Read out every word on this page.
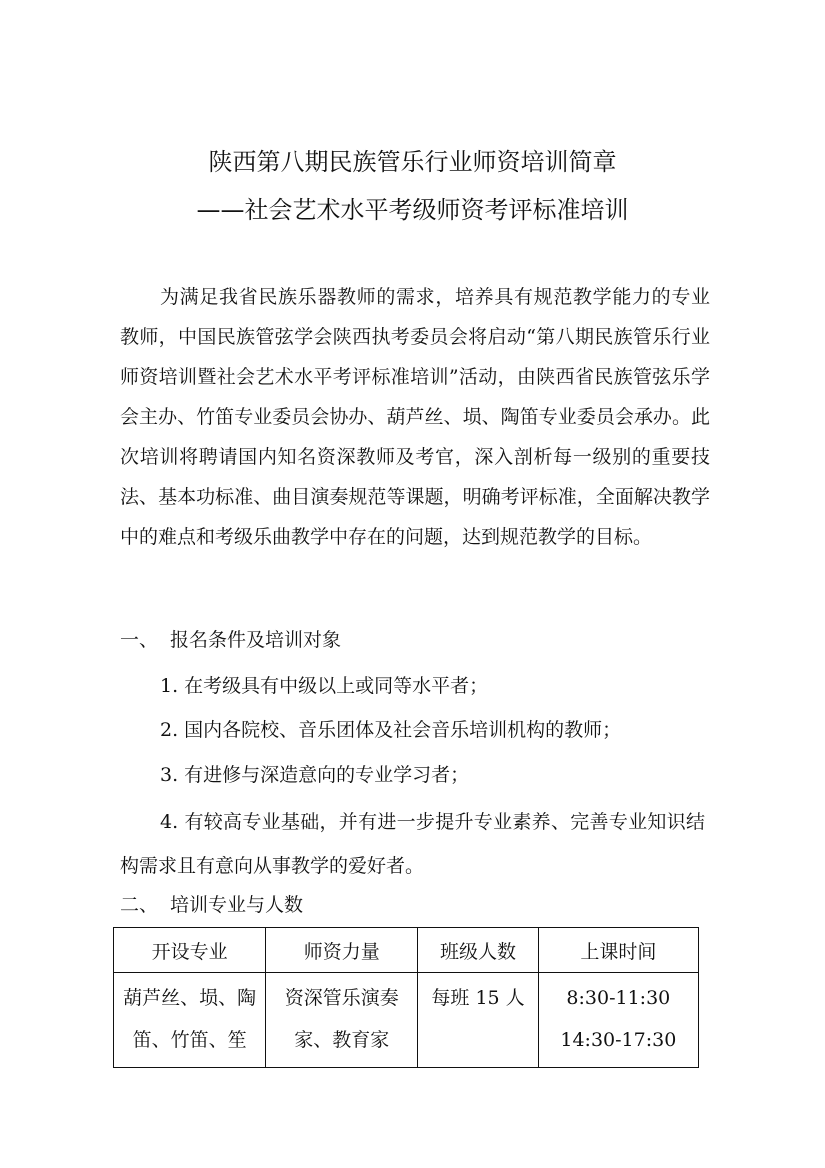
陕西第八期民族管乐行业师资培训简章
——社会艺术水平考级师资考评标准培训

为满足我省民族乐器教师的需求，培养具有规范教学能力的专业教师，中国民族管弦学会陕西执考委员会将启动“第八期民族管乐行业师资培训暨社会艺术水平考评标准培训”活动，由陕西省民族管弦乐学会主办、竹笛专业委员会协办、葫芦丝、埙、陶笛专业委员会承办。此次培训将聘请国内知名资深教师及考官，深入剖析每一级别的重要技法、基本功标准、曲目演奏规范等课题，明确考评标准，全面解决教学中的难点和考级乐曲教学中存在的问题，达到规范教学的目标。

一、 报名条件及培训对象

1. 在考级具有中级以上或同等水平者；

2. 国内各院校、音乐团体及社会音乐培训机构的教师；

3. 有进修与深造意向的专业学习者；

4. 有较高专业基础，并有进一步提升专业素养、完善专业知识结构需求且有意向从事教学的爱好者。

二、 培训专业与人数

开设专业	师资力量	班级人数	上课时间

葫芦丝、埙、陶笛、竹笛、笙	资深管乐演奏家、教育家	每班 15 人	8:30-11:30
14:30-17:30
